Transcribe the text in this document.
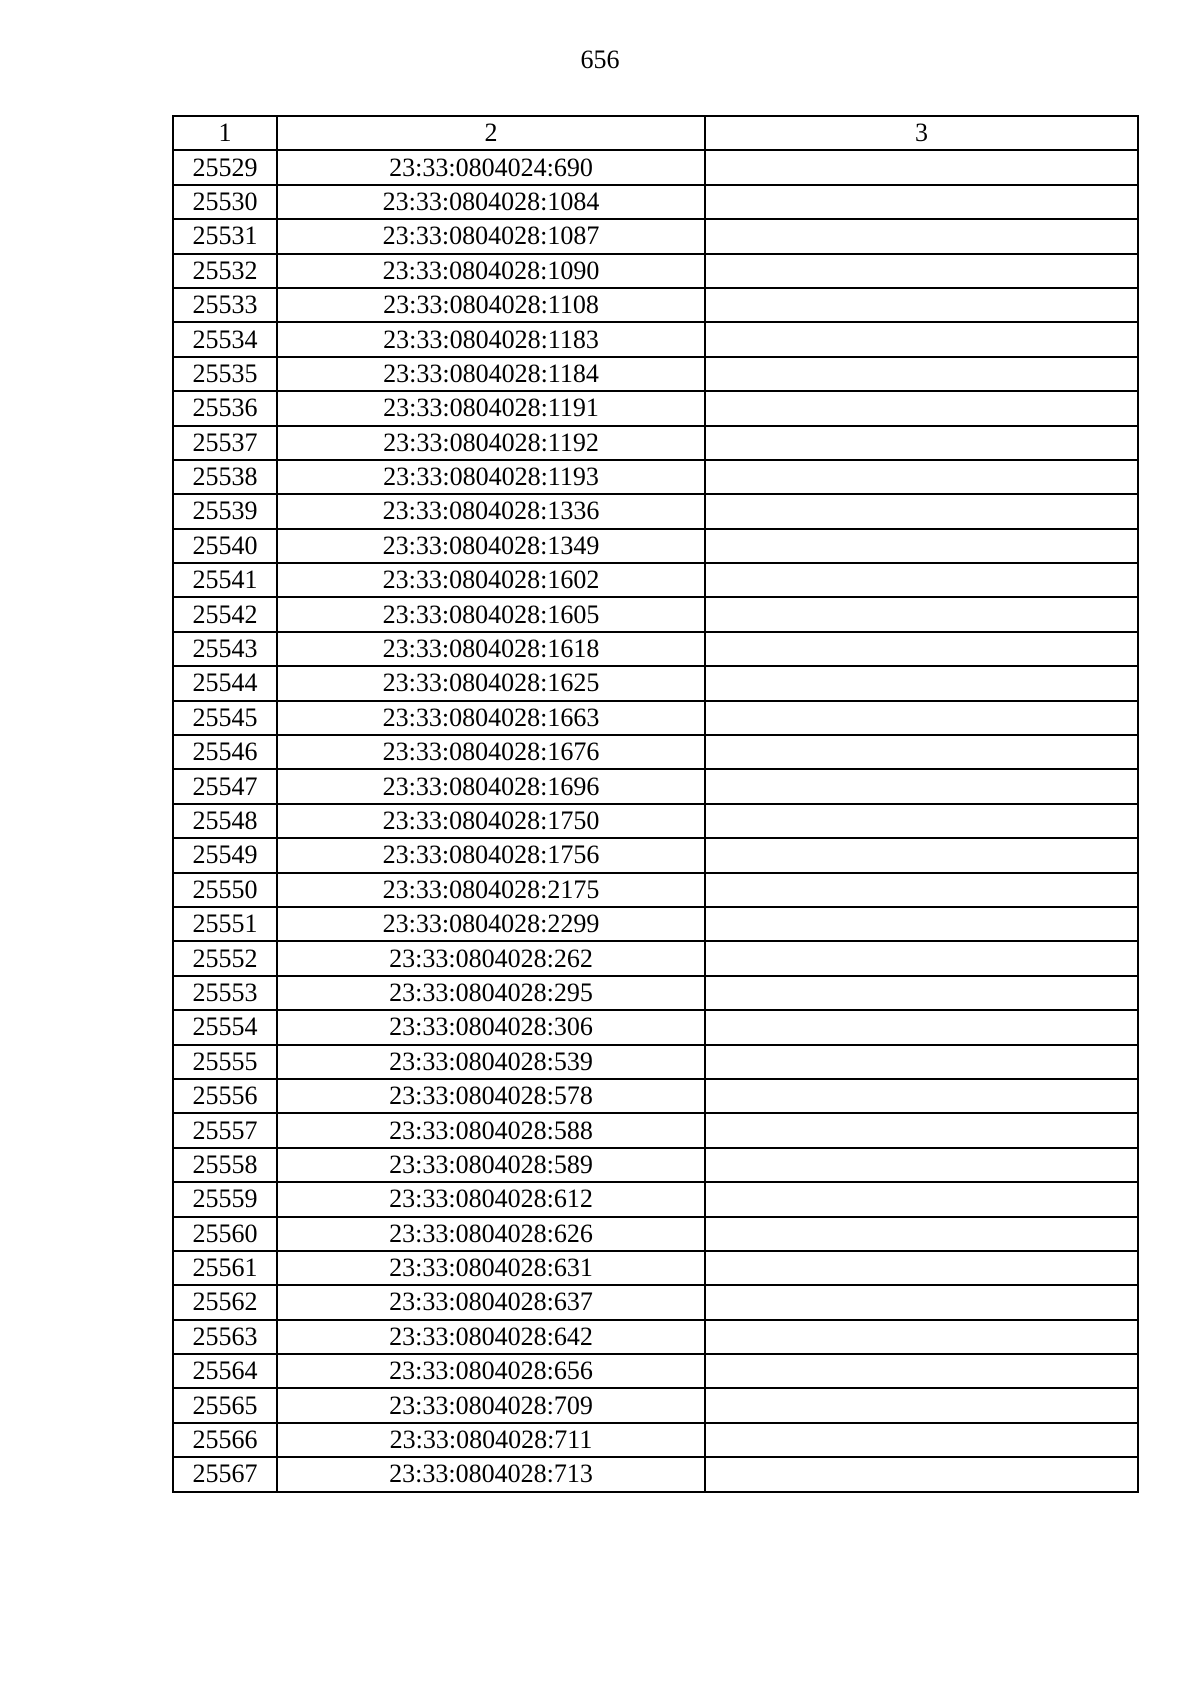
656
1	2	3
25529	23:33:0804024:690	
25530	23:33:0804028:1084	
25531	23:33:0804028:1087	
25532	23:33:0804028:1090	
25533	23:33:0804028:1108	
25534	23:33:0804028:1183	
25535	23:33:0804028:1184	
25536	23:33:0804028:1191	
25537	23:33:0804028:1192	
25538	23:33:0804028:1193	
25539	23:33:0804028:1336	
25540	23:33:0804028:1349	
25541	23:33:0804028:1602	
25542	23:33:0804028:1605	
25543	23:33:0804028:1618	
25544	23:33:0804028:1625	
25545	23:33:0804028:1663	
25546	23:33:0804028:1676	
25547	23:33:0804028:1696	
25548	23:33:0804028:1750	
25549	23:33:0804028:1756	
25550	23:33:0804028:2175	
25551	23:33:0804028:2299	
25552	23:33:0804028:262	
25553	23:33:0804028:295	
25554	23:33:0804028:306	
25555	23:33:0804028:539	
25556	23:33:0804028:578	
25557	23:33:0804028:588	
25558	23:33:0804028:589	
25559	23:33:0804028:612	
25560	23:33:0804028:626	
25561	23:33:0804028:631	
25562	23:33:0804028:637	
25563	23:33:0804028:642	
25564	23:33:0804028:656	
25565	23:33:0804028:709	
25566	23:33:0804028:711	
25567	23:33:0804028:713	
